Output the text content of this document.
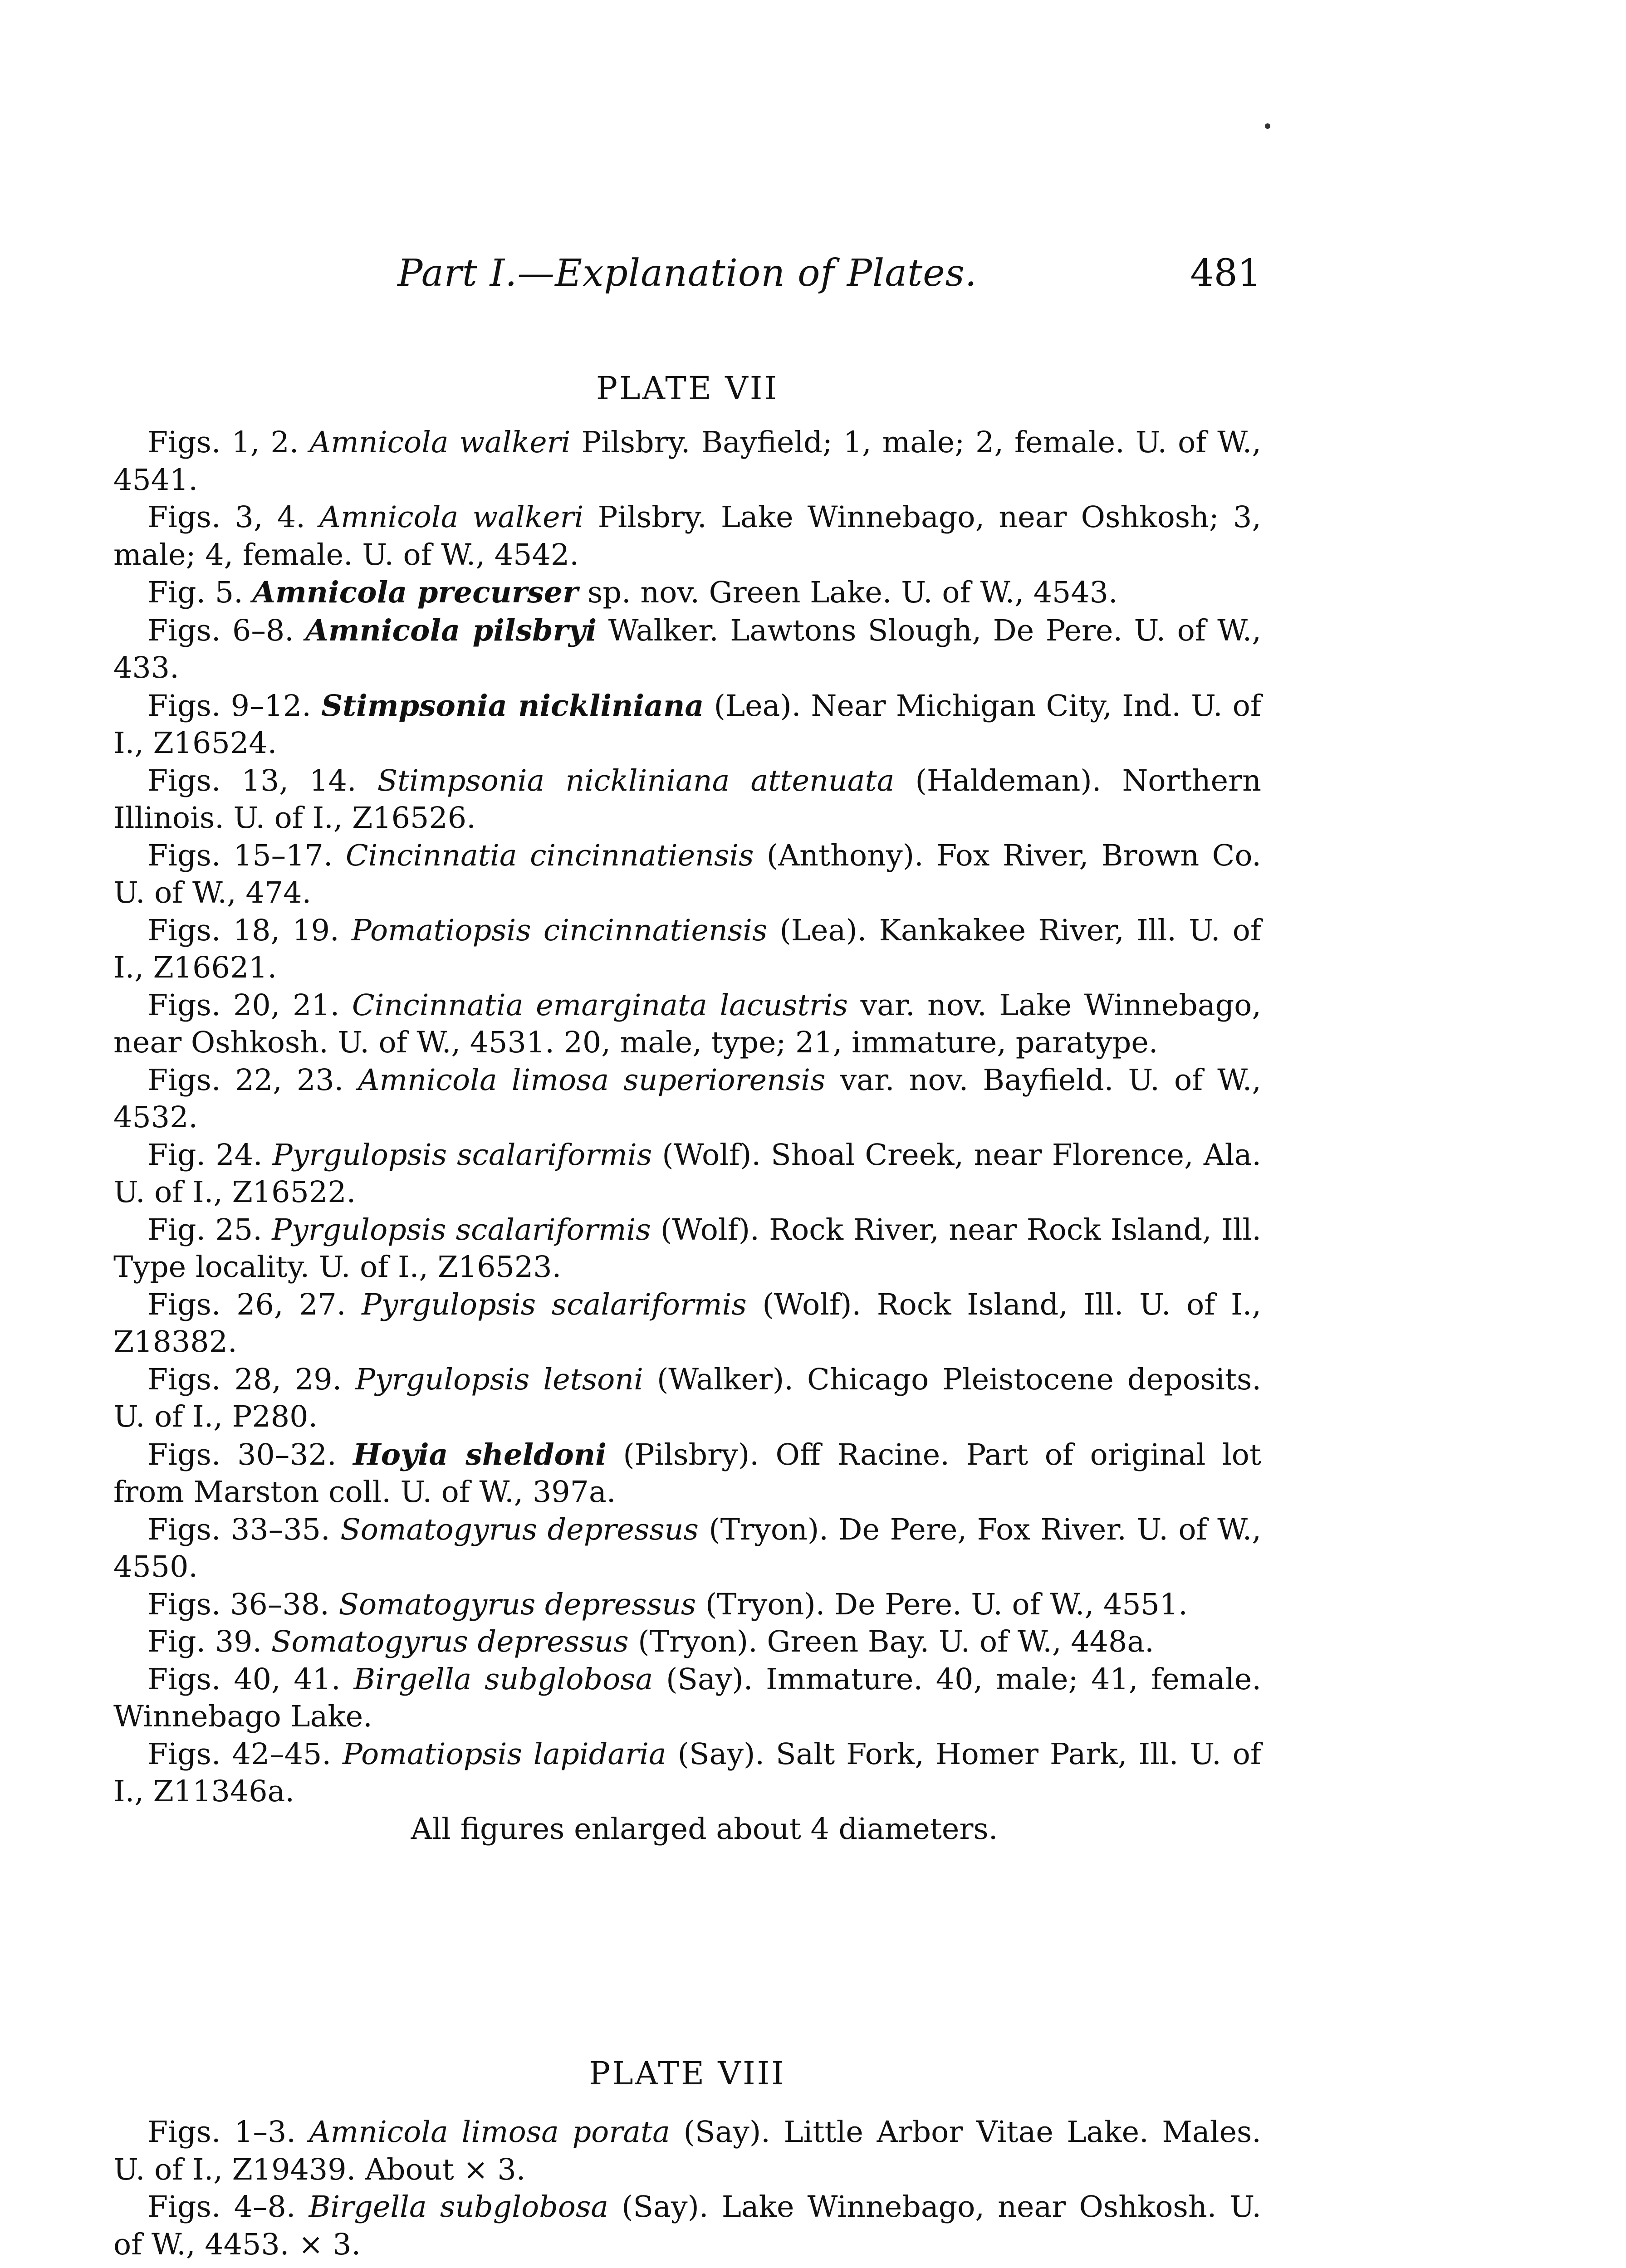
Part I.—Explanation of Plates.	481
PLATE VII

Figs. 1, 2. Amnicola walkeri Pilsbry. Bayfield; 1, male; 2, female. U. of W., 4541.

Figs. 3, 4. Amnicola walkeri Pilsbry. Lake Winnebago, near Oshkosh; 3, male; 4, female. U. of W., 4542.

Fig. 5. Amnicola precurser sp. nov. Green Lake. U. of W., 4543.

Figs. 6–8. Amnicola pilsbryi Walker. Lawtons Slough, De Pere. U. of W., 433.

Figs. 9–12. Stimpsonia nickliniana (Lea). Near Michigan City, Ind. U. of I., Z16524.

Figs. 13, 14. Stimpsonia nickliniana attenuata (Haldeman). Northern Illinois. U. of I., Z16526.

Figs. 15–17. Cincinnatia cincinnatiensis (Anthony). Fox River, Brown Co. U. of W., 474.

Figs. 18, 19. Pomatiopsis cincinnatiensis (Lea). Kankakee River, Ill. U. of I., Z16621.

Figs. 20, 21. Cincinnatia emarginata lacustris var. nov. Lake Winnebago, near Oshkosh. U. of W., 4531. 20, male, type; 21, immature, paratype.

Figs. 22, 23. Amnicola limosa superiorensis var. nov. Bayfield. U. of W., 4532.

Fig. 24. Pyrgulopsis scalariformis (Wolf). Shoal Creek, near Florence, Ala. U. of I., Z16522.

Fig. 25. Pyrgulopsis scalariformis (Wolf). Rock River, near Rock Island, Ill. Type locality. U. of I., Z16523.

Figs. 26, 27. Pyrgulopsis scalariformis (Wolf). Rock Island, Ill. U. of I., Z18382.

Figs. 28, 29. Pyrgulopsis letsoni (Walker). Chicago Pleistocene deposits. U. of I., P280.

Figs. 30–32. Hoyia sheldoni (Pilsbry). Off Racine. Part of original lot from Marston coll. U. of W., 397a.

Figs. 33–35. Somatogyrus depressus (Tryon). De Pere, Fox River. U. of W., 4550.

Figs. 36–38. Somatogyrus depressus (Tryon). De Pere. U. of W., 4551.

Fig. 39. Somatogyrus depressus (Tryon). Green Bay. U. of W., 448a.

Figs. 40, 41. Birgella subglobosa (Say). Immature. 40, male; 41, female. Winnebago Lake.

Figs. 42–45. Pomatiopsis lapidaria (Say). Salt Fork, Homer Park, Ill. U. of I., Z11346a.

All figures enlarged about 4 diameters.

PLATE VIII

Figs. 1–3. Amnicola limosa porata (Say). Little Arbor Vitae Lake. Males. U. of I., Z19439. About × 3.

Figs. 4–8. Birgella subglobosa (Say). Lake Winnebago, near Oshkosh. U. of W., 4453. × 3.
